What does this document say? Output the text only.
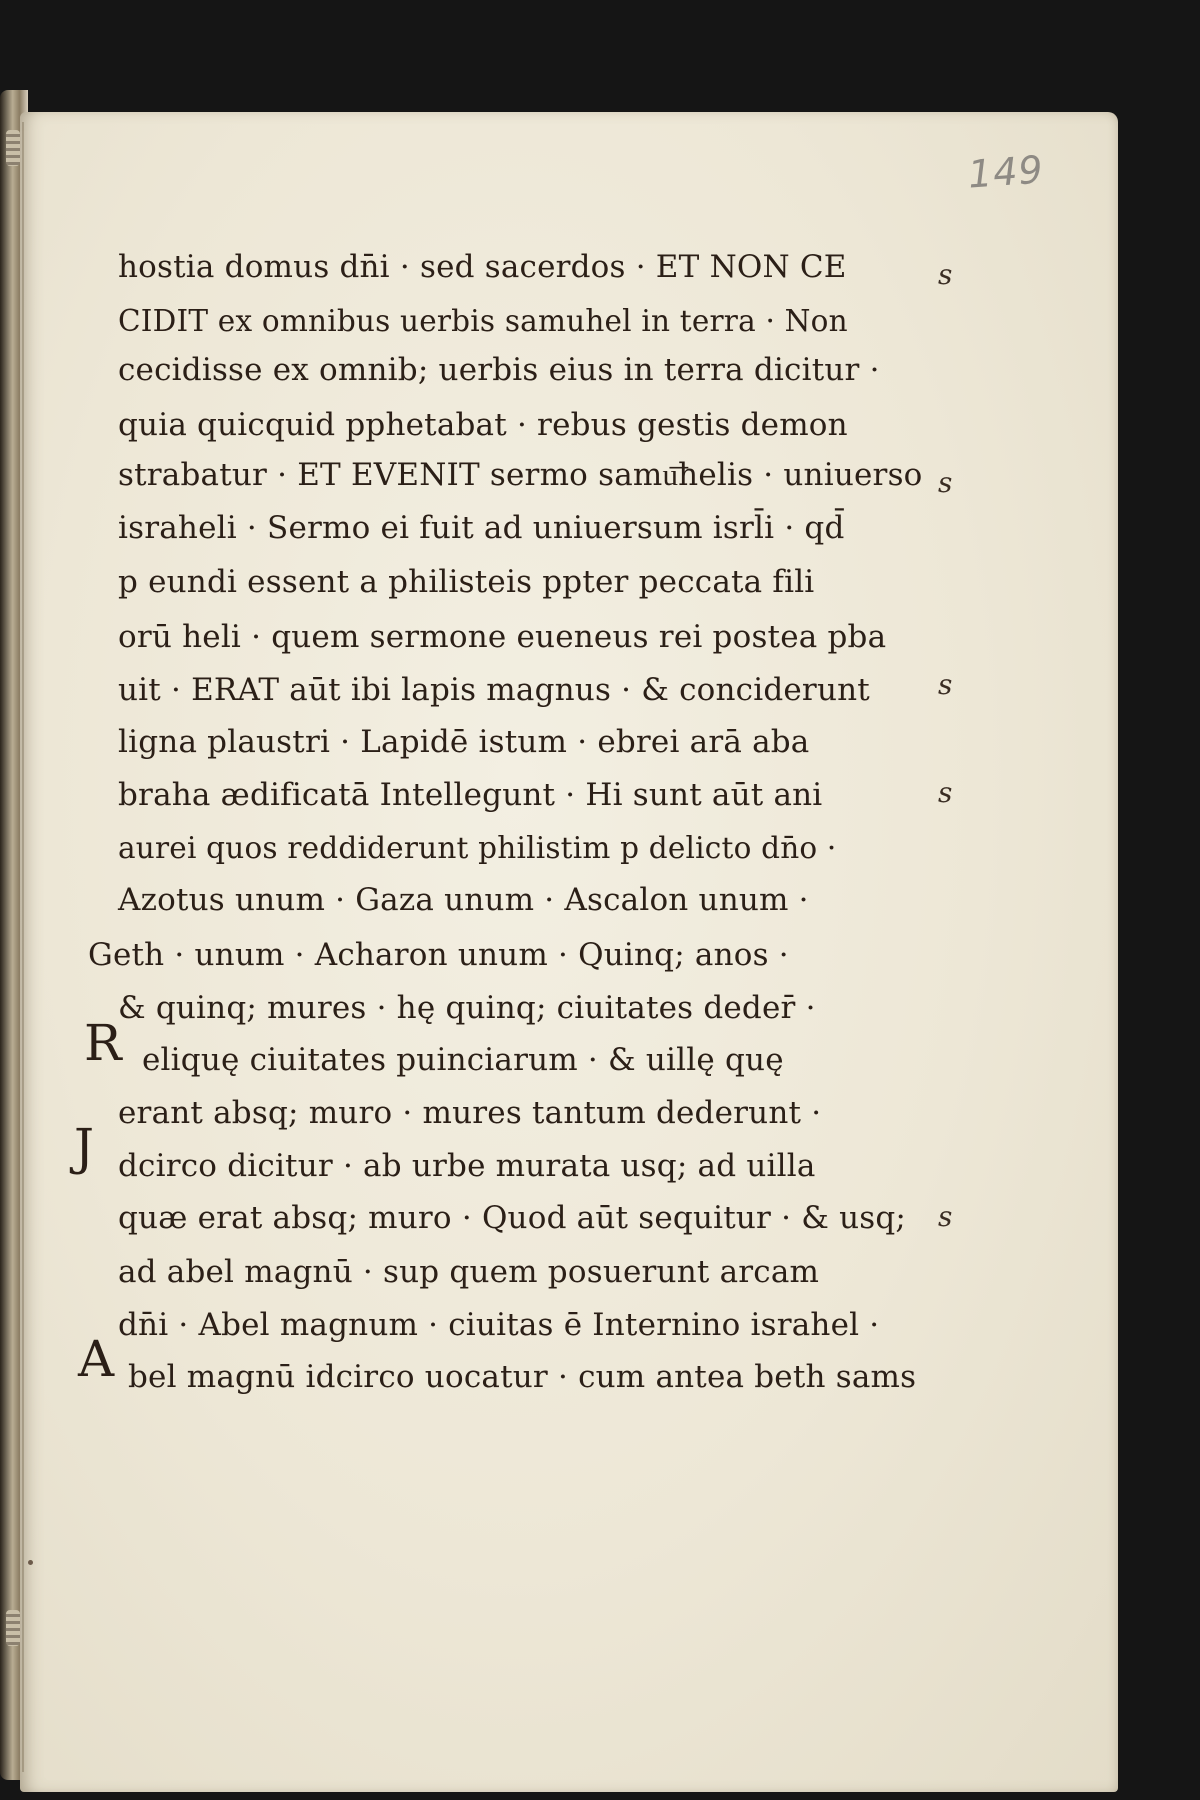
149
hostia domus dn̄i · sed sacerdos · ET NON CE
CIDIT ex omnibus uerbis samuhel in terra · Non
cecidisse ex omnib; uerbis eius in terra dicitur ·
quia quicquid pphetabat · rebus gestis demon
strabatur · ET EVENIT sermo samu͞helis · uniuerso
israheli · Sermo ei fuit ad uniuersum isrl̄i · qd̄
p eundi essent a philisteis ppter peccata fili
orū heli · quem sermone eueneus rei postea pba
uit · ERAT aūt ibi lapis magnus · & conciderunt
ligna plaustri · Lapidē istum · ebrei arā aba
braha ædificatā Intellegunt · Hi sunt aūt ani
aurei quos reddiderunt philistim p delicto dn̄o ·
Azotus unum · Gaza unum · Ascalon unum ·
Geth · unum · Acharon unum · Quinq; anos ·
& quinq; mures · hę quinq; ciuitates deder̄ ·
R eliquę ciuitates puinciarum · & uillę quę
erant absq; muro · mures tantum dederunt ·
J dcirco dicitur · ab urbe murata usq; ad uilla
quæ erat absq; muro · Quod aūt sequitur · & usq;
ad abel magnū · sup quem posuerunt arcam
dn̄i · Abel magnum · ciuitas ē Internino israhel ·
A bel magnū idcirco uocatur · cum antea beth sams
s
s
s
s
s
